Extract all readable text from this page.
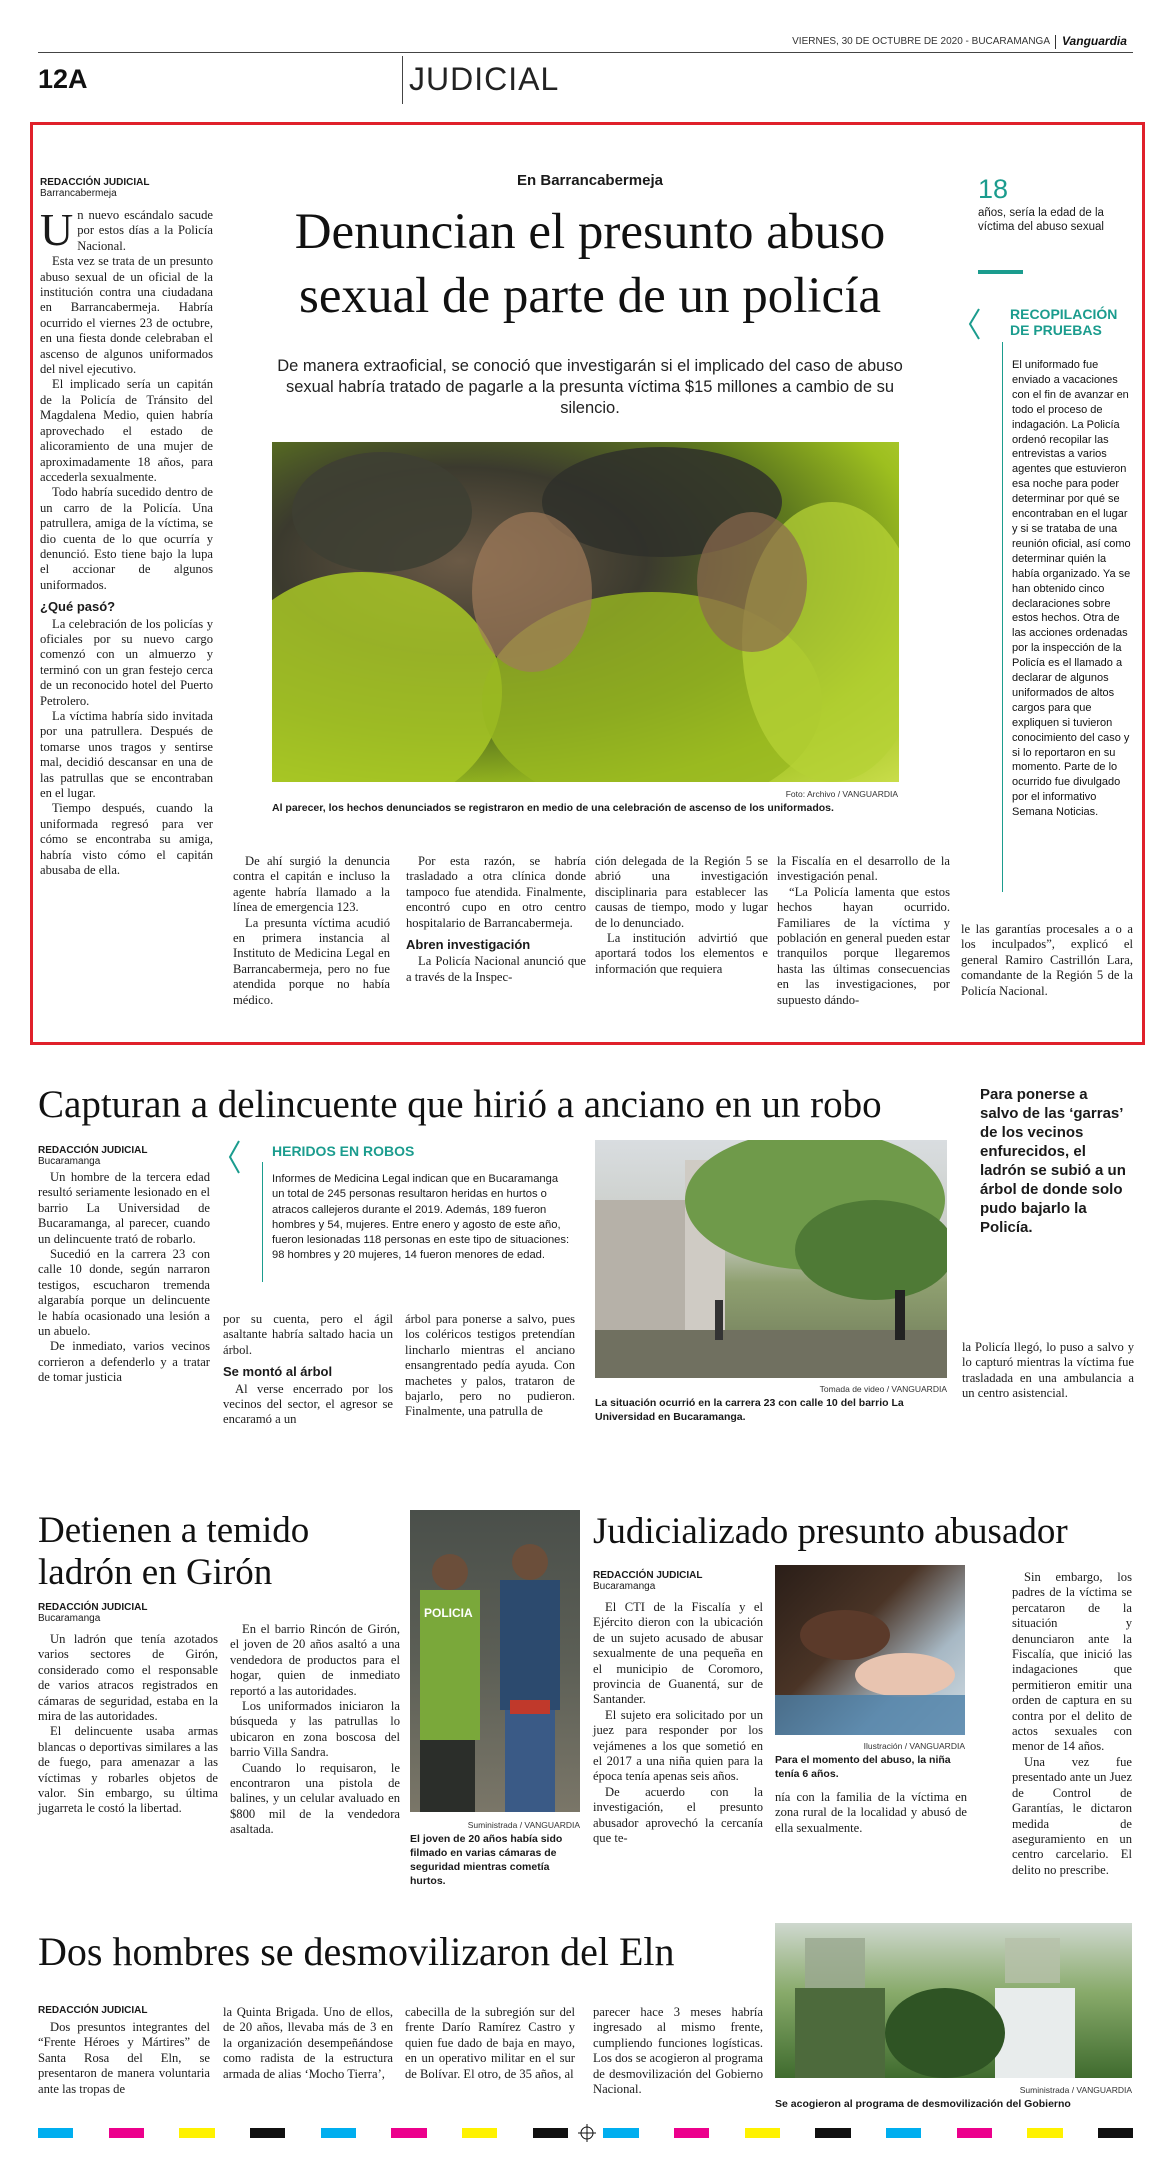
VIERNES, 30 DE OCTUBRE DE 2020 - BUCARAMANGA Vanguardia
12A	JUDICIAL
REDACCIÓN JUDICIAL
Barrancabermeja

Un nuevo escándalo sacude por estos días a la Policía Nacional.

Esta vez se trata de un presunto abuso sexual de un oficial de la institución contra una ciudadana en Barrancabermeja. Habría ocurrido el viernes 23 de octubre, en una fiesta donde celebraban el ascenso de algunos uniformados del nivel ejecutivo.

El implicado sería un capitán de la Policía de Tránsito del Magdalena Medio, quien habría aprovechado el estado de alicoramiento de una mujer de aproximadamente 18 años, para accederla sexualmente.

Todo habría sucedido dentro de un carro de la Policía. Una patrullera, amiga de la víctima, se dio cuenta de lo que ocurría y denunció. Esto tiene bajo la lupa el accionar de algunos uniformados.

¿Qué pasó?

La celebración de los policías y oficiales por su nuevo cargo comenzó con un almuerzo y terminó con un gran festejo cerca de un reconocido hotel del Puerto Petrolero.

La víctima habría sido invitada por una patrullera. Después de tomarse unos tragos y sentirse mal, decidió descansar en una de las patrullas que se encontraban en el lugar.

Tiempo después, cuando la uniformada regresó para ver cómo se encontraba su amiga, habría visto cómo el capitán abusaba de ella.

En Barrancabermeja
Denuncian el presunto abuso
sexual de parte de un policía
De manera extraoficial, se conoció que investigarán si el implicado del caso de abuso sexual habría tratado de pagarle a la presunta víctima $15 millones a cambio de su silencio.
Foto: Archivo / VANGUARDIA
Al parecer, los hechos denunciados se registraron en medio de una celebración de ascenso de los uniformados.

De ahí surgió la denuncia contra el capitán e incluso la agente habría llamado a la línea de emergencia 123.

La presunta víctima acudió en primera instancia al Instituto de Medicina Legal en Barrancabermeja, pero no fue atendida porque no había médico.

Por esta razón, se habría trasladado a otra clínica donde tampoco fue atendida. Finalmente, encontró cupo en otro centro hospitalario de Barrancabermeja.

Abren investigación

La Policía Nacional anunció que a través de la Inspec-

ción delegada de la Región 5 se abrió una investigación disciplinaria para establecer las causas de tiempo, modo y lugar de lo denunciado.

La institución advirtió que aportará todos los elementos e información que requiera

la Fiscalía en el desarrollo de la investigación penal.

“La Policía lamenta que estos hechos hayan ocurrido. Familiares de la víctima y población en general pueden estar tranquilos porque llegaremos hasta las últimas consecuencias en las investigaciones, por supuesto dándo-

le las garantías procesales a o a los inculpados”, explicó el general Ramiro Castrillón Lara, comandante de la Región 5 de la Policía Nacional.

18
años, sería la edad de la víctima del abuso sexual
RECOPILACIÓN
DE PRUEBAS
El uniformado fue enviado a vacaciones con el fin de avanzar en todo el proceso de indagación. La Policía ordenó recopilar las entrevistas a varios agentes que estuvieron esa noche para poder determinar por qué se encontraban en el lugar y si se trataba de una reunión oficial, así como determinar quién la había organizado. Ya se han obtenido cinco declaraciones sobre estos hechos. Otra de las acciones ordenadas por la inspección de la Policía es el llamado a declarar de algunos uniformados de altos cargos para que expliquen si tuvieron conocimiento del caso y si lo reportaron en su momento. Parte de lo ocurrido fue divulgado por el informativo Semana Noticias.
Capturan a delincuente que hirió a anciano en un robo
REDACCIÓN JUDICIAL
Bucaramanga

Un hombre de la tercera edad resultó seriamente lesionado en el barrio La Universidad de Bucaramanga, al parecer, cuando un delincuente trató de robarlo.

Sucedió en la carrera 23 con calle 10 donde, según narraron testigos, escucharon tremenda algarabía porque un delincuente le había ocasionado una lesión a un abuelo.

De inmediato, varios vecinos corrieron a defenderlo y a tratar de tomar justicia

HERIDOS EN ROBOS
Informes de Medicina Legal indican que en Bucaramanga un total de 245 personas resultaron heridas en hurtos o atracos callejeros durante el 2019. Además, 189 fueron hombres y 54, mujeres. Entre enero y agosto de este año, fueron lesionadas 118 personas en este tipo de situaciones: 98 hombres y 20 mujeres, 14 fueron menores de edad.

por su cuenta, pero el ágil asaltante habría saltado hacia un árbol.

Se montó al árbol

Al verse encerrado por los vecinos del sector, el agresor se encaramó a un

árbol para ponerse a salvo, pues los coléricos testigos pretendían lincharlo mientras el anciano ensangrentado pedía ayuda. Con machetes y palos, trataron de bajarlo, pero no pudieron. Finalmente, una patrulla de

Tomada de video / VANGUARDIA
La situación ocurrió en la carrera 23 con calle 10 del barrio La Universidad en Bucaramanga.
Para ponerse a salvo de las ‘garras’ de los vecinos enfurecidos, el ladrón se subió a un árbol de donde solo pudo bajarlo la Policía.

la Policía llegó, lo puso a salvo y lo capturó mientras la víctima fue trasladada en una ambulancia a un centro asistencial.

Detienen a temido
ladrón en Girón
REDACCIÓN JUDICIAL
Bucaramanga

Un ladrón que tenía azotados varios sectores de Girón, considerado como el responsable de varios atracos registrados en cámaras de seguridad, estaba en la mira de las autoridades.

El delincuente usaba armas blancas o deportivas similares a las de fuego, para amenazar a las víctimas y robarles objetos de valor. Sin embargo, su última jugarreta le costó la libertad.

En el barrio Rincón de Girón, el joven de 20 años asaltó a una vendedora de productos para el hogar, quien de inmediato reportó a las autoridades.

Los uniformados iniciaron la búsqueda y las patrullas lo ubicaron en zona boscosa del barrio Villa Sandra.

Cuando lo requisaron, le encontraron una pistola de balines, y un celular avaluado en $800 mil de la vendedora asaltada.

POLICIA
Suministrada / VANGUARDIA
El joven de 20 años había sido filmado en varias cámaras de seguridad mientras cometía hurtos.
Judicializado presunto abusador
REDACCIÓN JUDICIAL
Bucaramanga

El CTI de la Fiscalía y el Ejército dieron con la ubicación de un sujeto acusado de abusar sexualmente de una pequeña en el municipio de Coromoro, provincia de Guanentá, sur de Santander.

El sujeto era solicitado por un juez para responder por los vejámenes a los que sometió en el 2017 a una niña quien para la época tenía apenas seis años.

De acuerdo con la investigación, el presunto abusador aprovechó la cercanía que te-

Ilustración / VANGUARDIA
Para el momento del abuso, la niña tenía 6 años.

nía con la familia de la víctima en zona rural de la localidad y abusó de ella sexualmente.

Sin embargo, los padres de la víctima se percataron de la situación y denunciaron ante la Fiscalía, que inició las indagaciones que permitieron emitir una orden de captura en su contra por el delito de actos sexuales con menor de 14 años.

Una vez fue presentado ante un Juez de Control de Garantías, le dictaron medida de aseguramiento en un centro carcelario. El delito no prescribe.

Dos hombres se desmovilizaron del Eln
REDACCIÓN JUDICIAL

Dos presuntos integrantes del “Frente Héroes y Mártires” de Santa Rosa del Eln, se presentaron de manera voluntaria ante las tropas de

la Quinta Brigada. Uno de ellos, de 20 años, llevaba más de 3 en la organización desempeñándose como radista de la estructura armada de alias ‘Mocho Tierra’,

cabecilla de la subregión sur del frente Darío Ramírez Castro y quien fue dado de baja en mayo, en un operativo militar en el sur de Bolívar. El otro, de 35 años, al

parecer hace 3 meses habría ingresado al mismo frente, cumpliendo funciones logísticas. Los dos se acogieron al programa de desmovilización del Gobierno Nacional.	Suministrada / VANGUARDIA
Se acogieron al programa de desmovilización del Gobierno
